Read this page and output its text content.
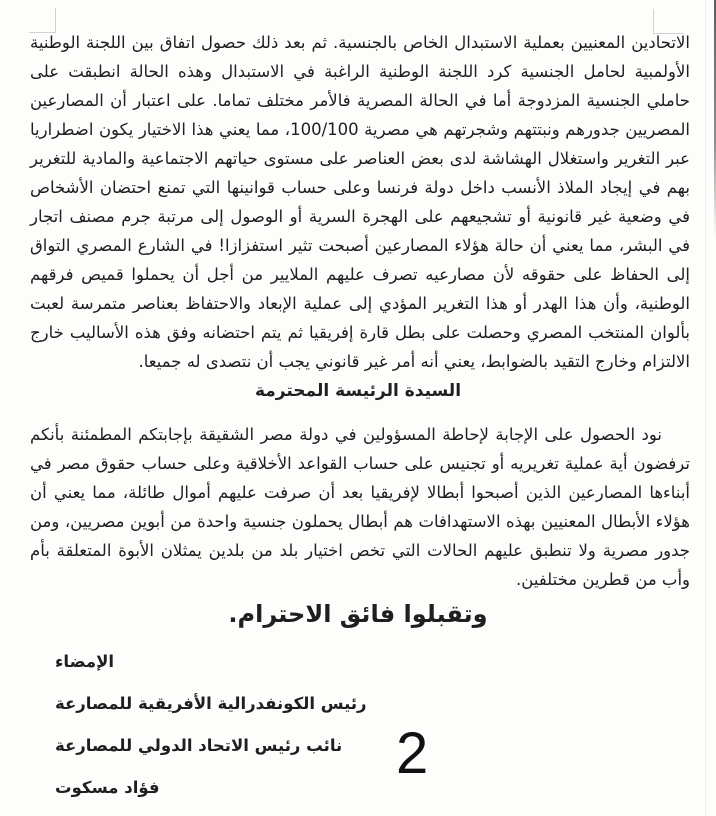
الاتحادين المعنيين بعملية الاستبدال الخاص بالجنسية. ثم بعد ذلك حصول اتفاق بين اللجنة الوطنية الأولمبية لحامل الجنسية كرد اللجنة الوطنية الراغبة في الاستبدال وهذه الحالة انطبقت على حاملي الجنسية المزدوجة أما في الحالة المصرية فالأمر مختلف تماما. على اعتبار أن المصارعين المصريين جدورهم ونبتتهم وشجرتهم هي مصرية 100/100، مما يعني هذا الاختيار يكون اضطراريا عبر التغرير واستغلال الهشاشة لدى بعض العناصر على مستوى حياتهم الاجتماعية والمادية للتغرير بهم في إيجاد الملاذ الأنسب داخل دولة فرنسا وعلى حساب قوانينها التي تمنع احتضان الأشخاص في وضعية غير قانونية أو تشجيعهم على الهجرة السرية أو الوصول إلى مرتبة جرم مصنف اتجار في البشر، مما يعني أن حالة هؤلاء المصارعين أصبحت تثير استفزازا! في الشارع المصري التواق إلى الحفاظ على حقوقه لأن مصارعيه تصرف عليهم الملايير من أجل أن يحملوا قميص فرقهم الوطنية، وأن هذا الهدر أو هذا التغرير المؤدي إلى عملية الإبعاد والاحتفاظ بعناصر متمرسة لعبت بألوان المنتخب المصري وحصلت على بطل قارة إفريقيا ثم يتم احتضانه وفق هذه الأساليب خارج الالتزام وخارج التقيد بالضوابط، يعني أنه أمر غير قانوني يجب أن نتصدى له جميعا.
السيدة الرئيسة المحترمة
نود الحصول على الإجابة لإحاطة المسؤولين في دولة مصر الشقيقة بإجابتكم المطمئنة بأنكم ترفضون أية عملية تغريريه أو تجنيس على حساب القواعد الأخلاقية وعلى حساب حقوق مصر في أبناءها المصارعين الذين أصبحوا أبطالا لإفريقيا بعد أن صرفت عليهم أموال طائلة، مما يعني أن هؤلاء الأبطال المعنيين بهذه الاستهدافات هم أبطال يحملون جنسية واحدة من أبوين مصريين، ومن جدور مصرية ولا تنطبق عليهم الحالات التي تخص اختيار بلد من بلدين يمثلان الأبوة المتعلقة بأم وأب من قطرين مختلفين.
وتقبلوا فائق الاحترام.
الإمضاء
رئيس الكونفدرالية الأفريقية للمصارعة
نائب رئيس الاتحاد الدولي للمصارعة
فؤاد مسكوت
2
